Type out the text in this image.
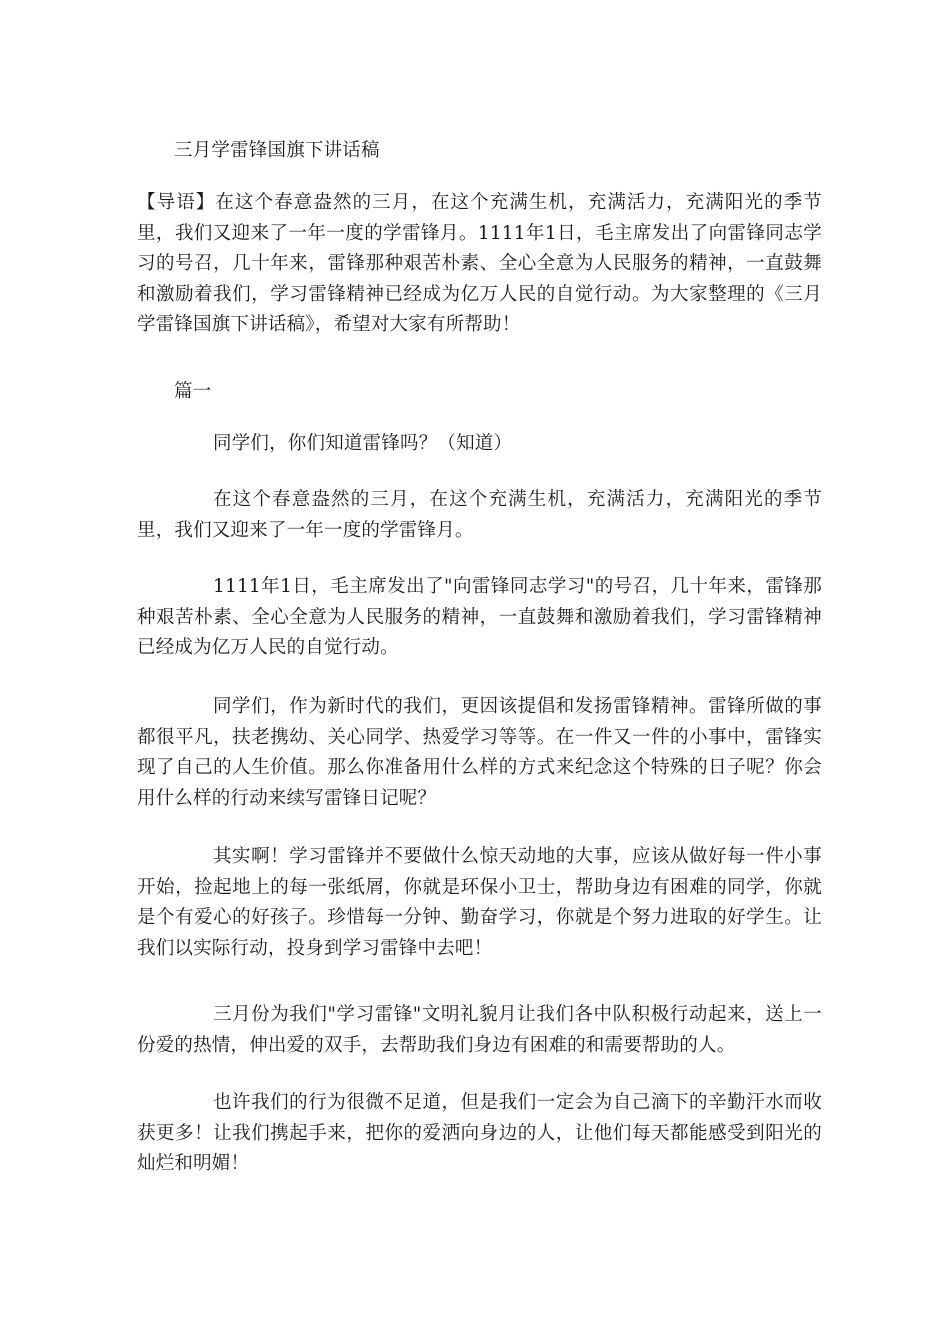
三月学雷锋国旗下讲话稿
【导语】在这个春意盎然的三月，在这个充满生机，充满活力，充满阳光的季节里，我们又迎来了一年一度的学雷锋月。1111年1日，毛主席发出了向雷锋同志学习的号召，几十年来，雷锋那种艰苦朴素、全心全意为人民服务的精神，一直鼓舞和激励着我们，学习雷锋精神已经成为亿万人民的自觉行动。为大家整理的《三月学雷锋国旗下讲话稿》，希望对大家有所帮助！
篇一
同学们，你们知道雷锋吗？（知道）
在这个春意盎然的三月，在这个充满生机，充满活力，充满阳光的季节里，我们又迎来了一年一度的学雷锋月。
1111年1日，毛主席发出了"向雷锋同志学习"的号召，几十年来，雷锋那种艰苦朴素、全心全意为人民服务的精神，一直鼓舞和激励着我们，学习雷锋精神已经成为亿万人民的自觉行动。
同学们，作为新时代的我们，更因该提倡和发扬雷锋精神。雷锋所做的事都很平凡，扶老携幼、关心同学、热爱学习等等。在一件又一件的小事中，雷锋实现了自己的人生价值。那么你准备用什么样的方式来纪念这个特殊的日子呢？你会用什么样的行动来续写雷锋日记呢？
其实啊！学习雷锋并不要做什么惊天动地的大事，应该从做好每一件小事开始，捡起地上的每一张纸屑，你就是环保小卫士，帮助身边有困难的同学，你就是个有爱心的好孩子。珍惜每一分钟、勤奋学习，你就是个努力进取的好学生。让我们以实际行动，投身到学习雷锋中去吧！
三月份为我们"学习雷锋"文明礼貌月让我们各中队积极行动起来，送上一份爱的热情，伸出爱的双手，去帮助我们身边有困难的和需要帮助的人。
也许我们的行为很微不足道，但是我们一定会为自己滴下的辛勤汗水而收获更多！让我们携起手来，把你的爱洒向身边的人，让他们每天都能感受到阳光的灿烂和明媚！
